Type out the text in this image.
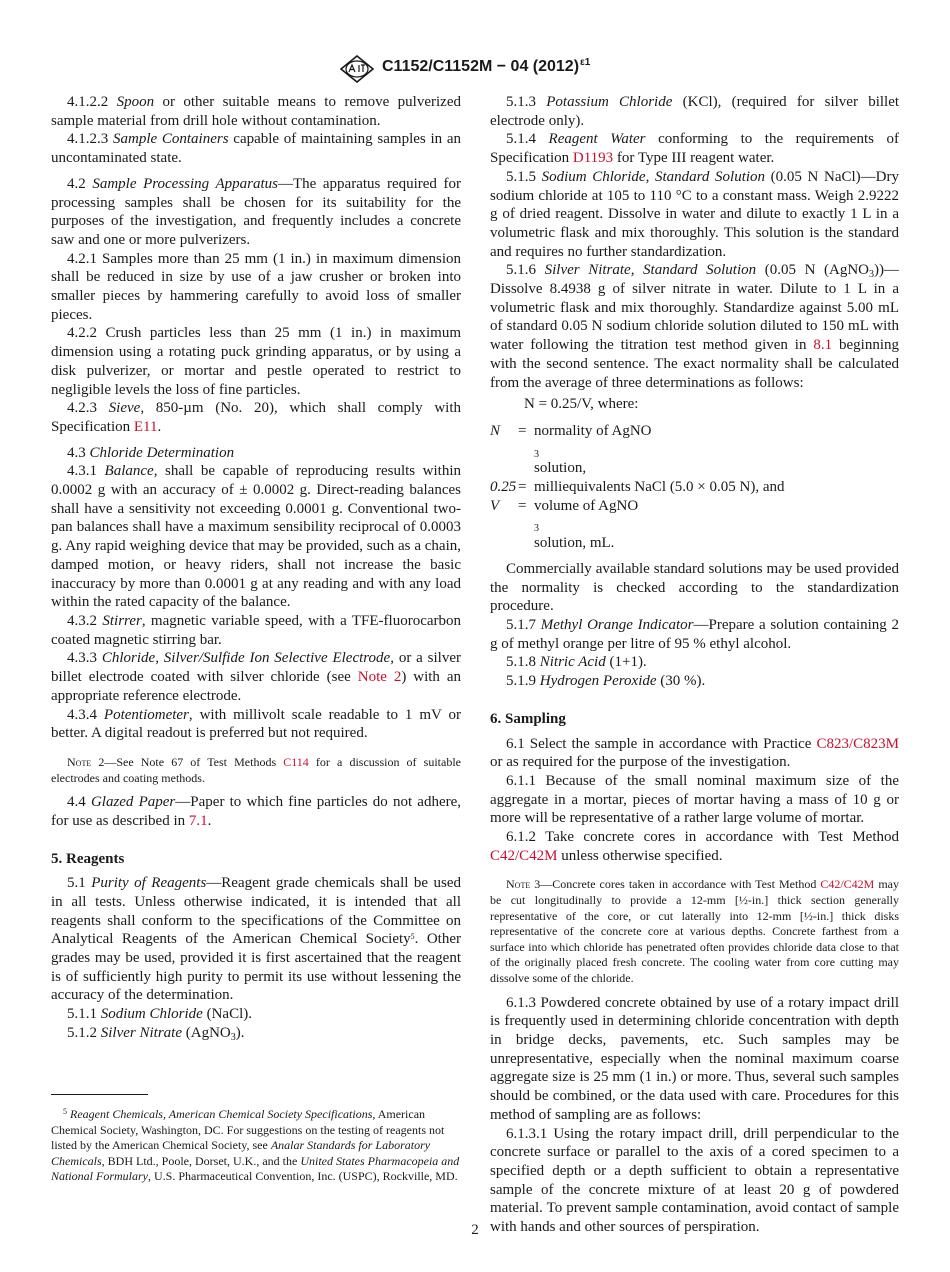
C1152/C1152M − 04 $(2012)^{\varepsilon 1}$

4.1.2.2 Spoon or other suitable means to remove pulverized sample material from drill hole without contamination.

4.1.2.3 Sample Containers capable of maintaining samples in an uncontaminated state.

4.2 Sample Processing Apparatus—The apparatus required for processing samples shall be chosen for its suitability for the purposes of the investigation, and frequently includes a concrete saw and one or more pulverizers.

4.2.1 Samples more than 25 mm (1 in.) in maximum dimension shall be reduced in size by use of a jaw crusher or broken into smaller pieces by hammering carefully to avoid loss of smaller pieces.

4.2.2 Crush particles less than 25 mm (1 in.) in maximum dimension using a rotating puck grinding apparatus, or by using a disk pulverizer, or mortar and pestle operated to restrict to negligible levels the loss of fine particles.

4.2.3 Sieve, 850-µm (No. 20), which shall comply with Specification E11.

4.3 Chloride Determination

4.3.1 Balance, shall be capable of reproducing results within 0.0002 g with an accuracy of ± 0.0002 g. Direct-reading balances shall have a sensitivity not exceeding 0.0001 g. Conventional two-pan balances shall have a maximum sensibility reciprocal of 0.0003 g. Any rapid weighing device that may be provided, such as a chain, damped motion, or heavy riders, shall not increase the basic inaccuracy by more than 0.0001 g at any reading and with any load within the rated capacity of the balance.

4.3.2 Stirrer, magnetic variable speed, with a TFE-fluorocarbon coated magnetic stirring bar.

4.3.3 Chloride, Silver/Sulfide Ion Selective Electrode, or a silver billet electrode coated with silver chloride (see Note 2) with an appropriate reference electrode.

4.3.4 Potentiometer, with millivolt scale readable to 1 mV or better. A digital readout is preferred but not required.

Note 2—See Note 67 of Test Methods C114 for a discussion of suitable electrodes and coating methods.

4.4 Glazed Paper—Paper to which fine particles do not adhere, for use as described in 7.1.

5. Reagents

5.1 Purity of Reagents—Reagent grade chemicals shall be used in all tests. Unless otherwise indicated, it is intended that all reagents shall conform to the specifications of the Committee on Analytical Reagents of the American Chemical Society$^5$. Other grades may be used, provided it is first ascertained that the reagent is of sufficiently high purity to permit its use without lessening the accuracy of the determination.

5.1.1 Sodium Chloride (NaCl).

5.1.2 Silver Nitrate (AgNO$_3$).

$^5$ Reagent Chemicals, American Chemical Society Specifications, American Chemical Society, Washington, DC. For suggestions on the testing of reagents not listed by the American Chemical Society, see Analar Standards for Laboratory Chemicals, BDH Ltd., Poole, Dorset, U.K., and the United States Pharmacopeia and National Formulary, U.S. Pharmaceutical Convention, Inc. (USPC), Rockville, MD.

5.1.3 Potassium Chloride (KCl), (required for silver billet electrode only).

5.1.4 Reagent Water conforming to the requirements of Specification D1193 for Type III reagent water.

5.1.5 Sodium Chloride, Standard Solution (0.05 N NaCl)—Dry sodium chloride at 105 to 110 °C to a constant mass. Weigh 2.9222 g of dried reagent. Dissolve in water and dilute to exactly 1 L in a volumetric flask and mix thoroughly. This solution is the standard and requires no further standardization.

5.1.6 Silver Nitrate, Standard Solution (0.05 N (AgNO$_3$))—Dissolve 8.4938 g of silver nitrate in water. Dilute to 1 L in a volumetric flask and mix thoroughly. Standardize against 5.00 mL of standard 0.05 N sodium chloride solution diluted to 150 mL with water following the titration test method given in 8.1 beginning with the second sentence. The exact normality shall be calculated from the average of three determinations as follows:

N = 0.25/V, where:
N	= normality of AgNO
$_3$
solution,
0.25 = milliequivalents NaCl (5.0 × 0.05 N), and
V	= volume of AgNO
$_3$
solution, mL.

Commercially available standard solutions may be used provided the normality is checked according to the standardization procedure.

5.1.7 Methyl Orange Indicator—Prepare a solution containing 2 g of methyl orange per litre of 95 % ethyl alcohol.

5.1.8 Nitric Acid (1+1).

5.1.9 Hydrogen Peroxide (30 %).

6. Sampling

6.1 Select the sample in accordance with Practice C823/C823M or as required for the purpose of the investigation.

6.1.1 Because of the small nominal maximum size of the aggregate in a mortar, pieces of mortar having a mass of 10 g or more will be representative of a rather large volume of mortar.

6.1.2 Take concrete cores in accordance with Test Method C42/C42M unless otherwise specified.

Note 3—Concrete cores taken in accordance with Test Method C42/C42M may be cut longitudinally to provide a 12-mm [½-in.] thick section generally representative of the core, or cut laterally into 12-mm [½-in.] thick disks representative of the concrete core at various depths. Concrete farthest from a surface into which chloride has penetrated often provides chloride data close to that of the originally placed fresh concrete. The cooling water from core cutting may dissolve some of the chloride.

6.1.3 Powdered concrete obtained by use of a rotary impact drill is frequently used in determining chloride concentration with depth in bridge decks, pavements, etc. Such samples may be unrepresentative, especially when the nominal maximum coarse aggregate size is 25 mm (1 in.) or more. Thus, several such samples should be combined, or the data used with care. Procedures for this method of sampling are as follows:

6.1.3.1 Using the rotary impact drill, drill perpendicular to the concrete surface or parallel to the axis of a cored specimen to a specified depth or a depth sufficient to obtain a representative sample of the concrete mixture of at least 20 g of powdered material. To prevent sample contamination, avoid contact of sample with hands and other sources of perspiration.

2
